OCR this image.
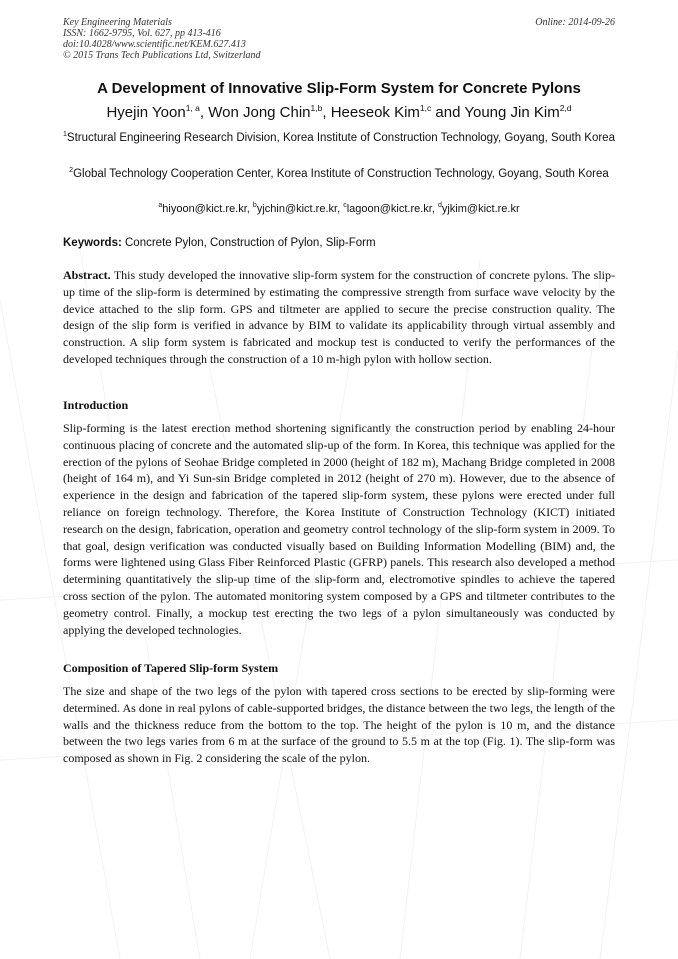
Key Engineering Materials
ISSN: 1662-9795, Vol. 627, pp 413-416
doi:10.4028/www.scientific.net/KEM.627.413
© 2015 Trans Tech Publications Ltd, Switzerland
Online: 2014-09-26
A Development of Innovative Slip-Form System for Concrete Pylons
Hyejin Yoon$^{1, a}$, Won Jong Chin$^{1,b}$, Heeseok Kim$^{1,c}$ and Young Jin Kim$^{2,d}$
$^1$Structural Engineering Research Division, Korea Institute of Construction Technology, Goyang, South Korea
$^2$Global Technology Cooperation Center, Korea Institute of Construction Technology, Goyang, South Korea
$^a$hiyoon@kict.re.kr, $^b$yjchin@kict.re.kr, $^c$lagoon@kict.re.kr, $^d$yjkim@kict.re.kr
Keywords: Concrete Pylon, Construction of Pylon, Slip-Form
Abstract. This study developed the innovative slip-form system for the construction of concrete pylons. The slip-up time of the slip-form is determined by estimating the compressive strength from surface wave velocity by the device attached to the slip form. GPS and tiltmeter are applied to secure the precise construction quality. The design of the slip form is verified in advance by BIM to validate its applicability through virtual assembly and construction. A slip form system is fabricated and mockup test is conducted to verify the performances of the developed techniques through the construction of a 10 m-high pylon with hollow section.
Introduction
Slip-forming is the latest erection method shortening significantly the construction period by enabling 24-hour continuous placing of concrete and the automated slip-up of the form. In Korea, this technique was applied for the erection of the pylons of Seohae Bridge completed in 2000 (height of 182 m), Machang Bridge completed in 2008 (height of 164 m), and Yi Sun-sin Bridge completed in 2012 (height of 270 m). However, due to the absence of experience in the design and fabrication of the tapered slip-form system, these pylons were erected under full reliance on foreign technology. Therefore, the Korea Institute of Construction Technology (KICT) initiated research on the design, fabrication, operation and geometry control technology of the slip-form system in 2009. To that goal, design verification was conducted visually based on Building Information Modelling (BIM) and, the forms were lightened using Glass Fiber Reinforced Plastic (GFRP) panels. This research also developed a method determining quantitatively the slip-up time of the slip-form and, electromotive spindles to achieve the tapered cross section of the pylon. The automated monitoring system composed by a GPS and tiltmeter contributes to the geometry control. Finally, a mockup test erecting the two legs of a pylon simultaneously was conducted by applying the developed technologies.
Composition of Tapered Slip-form System
The size and shape of the two legs of the pylon with tapered cross sections to be erected by slip-forming were determined. As done in real pylons of cable-supported bridges, the distance between the two legs, the length of the walls and the thickness reduce from the bottom to the top. The height of the pylon is 10 m, and the distance between the two legs varies from 6 m at the surface of the ground to 5.5 m at the top (Fig. 1). The slip-form was composed as shown in Fig. 2 considering the scale of the pylon.
